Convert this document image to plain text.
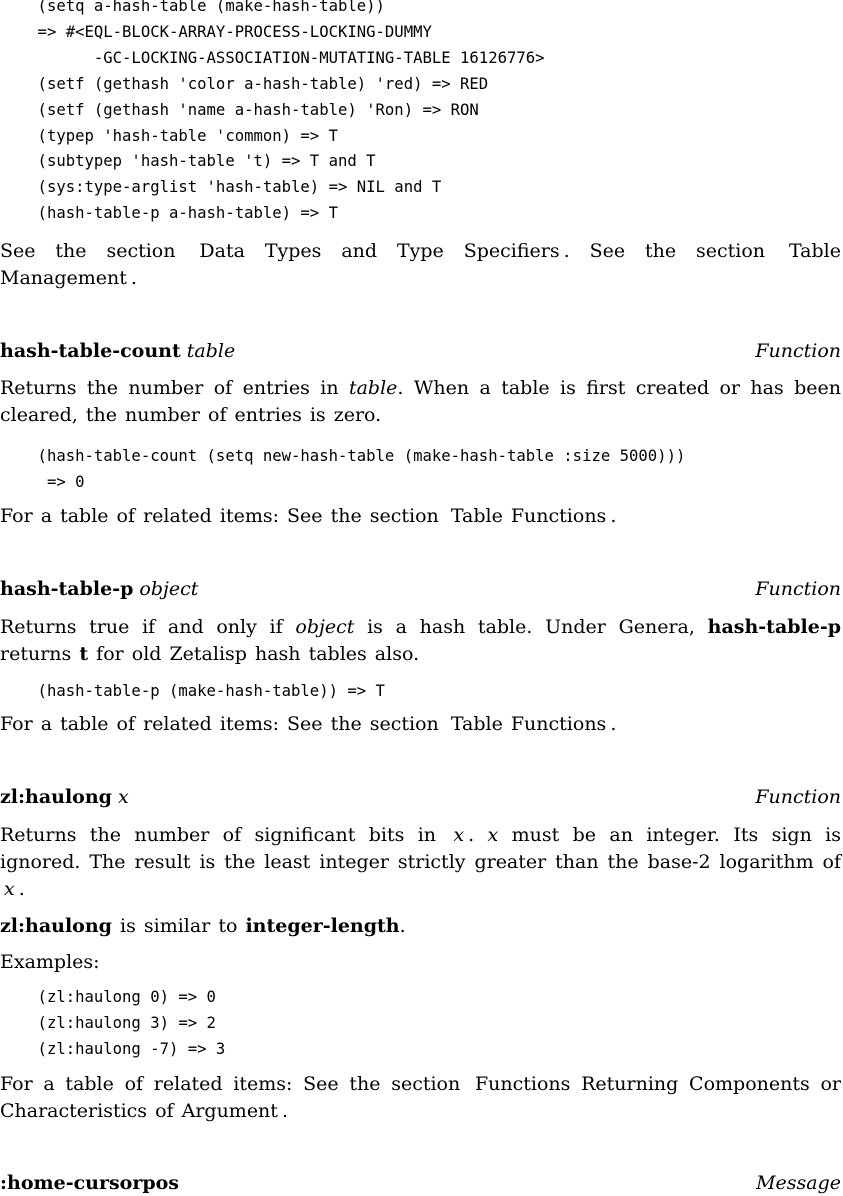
(setq a-hash-table (make-hash-table))
=> #<EQL-BLOCK-ARRAY-PROCESS-LOCKING-DUMMY
-GC-LOCKING-ASSOCIATION-MUTATING-TABLE 16126776>
(setf (gethash 'color a-hash-table) 'red) => RED
(setf (gethash 'name a-hash-table) 'Ron) => RON
(typep 'hash-table 'common) => T
(subtypep 'hash-table 't) => T and T
(sys:type-arglist 'hash-table) => NIL and T
(hash-table-p a-hash-table) => T
See the section Data Types and Type Specifiers . See the section Table Management .
hash-table-count table	Function
Returns the number of entries in table. When a table is first created or has been cleared, the number of entries is zero.
(hash-table-count (setq new-hash-table (make-hash-table :size 5000)))
=> 0
For a table of related items: See the section Table Functions .
hash-table-p object	Function
Returns true if and only if object is a hash table. Under Genera, hash-table-p returns t for old Zetalisp hash tables also.
(hash-table-p (make-hash-table)) => T
For a table of related items: See the section Table Functions .
zl:haulong x	Function
Returns the number of significant bits in x . x must be an integer. Its sign is ignored. The result is the least integer strictly greater than the base-2 logarithm of x .
zl:haulong is similar to integer-length.
Examples:
(zl:haulong 0) => 0
(zl:haulong 3) => 2
(zl:haulong -7) => 3
For a table of related items: See the section Functions Returning Components or Characteristics of Argument .
:home-cursorpos	Message
